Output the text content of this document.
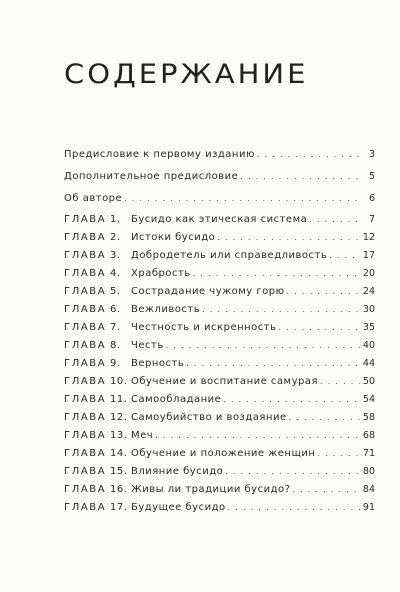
СОДЕРЖАНИЕ
Предисловие к первому изданию . . .	3
Дополнительное предисловие . . .	5
Об авторе . . .	6
ГЛАВА 1.	Бусидо как этическая система . . .	7
ГЛАВА 2.	Истоки бусидо . . .	12
ГЛАВА 3.	Добродетель или справедливость . . .	17
ГЛАВА 4.	Храбрость . . .	20
ГЛАВА 5.	Сострадание чужому горю . . .	24
ГЛАВА 6.	Вежливость . . .	30
ГЛАВА 7.	Честность и искренность . . .	35
ГЛАВА 8.	Честь . . .	40
ГЛАВА 9.	Верность . . .	44
ГЛАВА 10. Обучение и воспитание самурая . . .	50
ГЛАВА 11. Самообладание . . .	54
ГЛАВА 12. Самоубийство и воздаяние . . .	58
ГЛАВА 13. Меч . . .	68
ГЛАВА 14. Обучение и положение женщин . . .	71
ГЛАВА 15. Влияние бусидо . . .	80
ГЛАВА 16. Живы ли традиции бусидо? . . .	84
ГЛАВА 17. Будущее бусидо . . .	91
